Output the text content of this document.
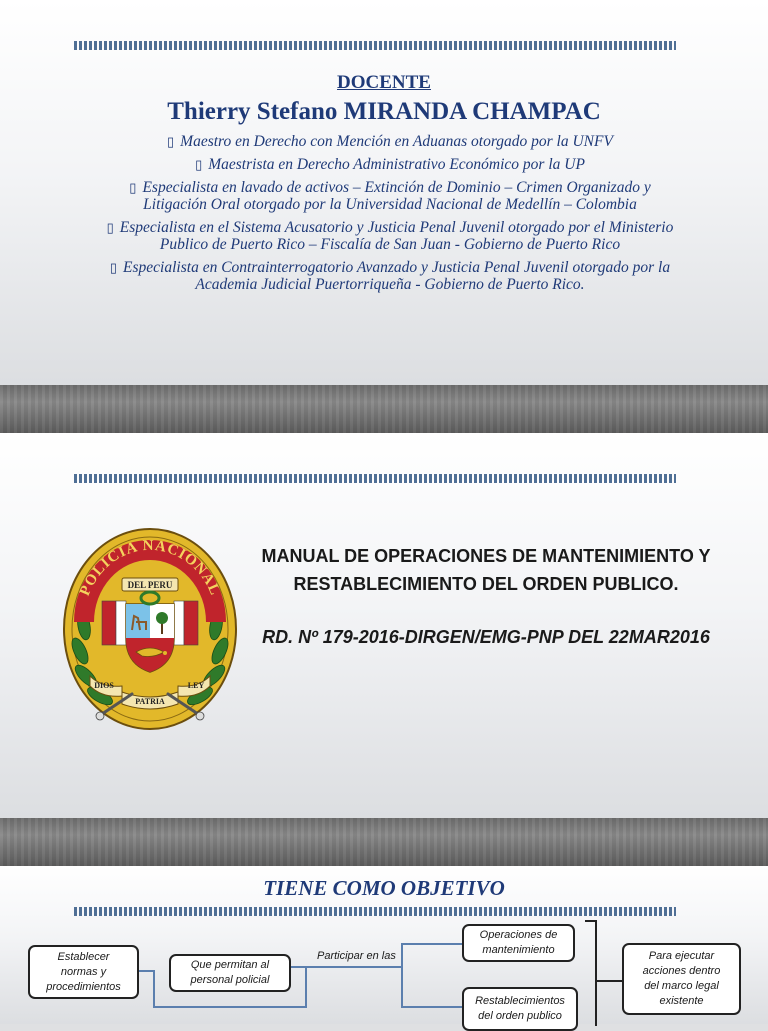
DOCENTE
Thierry Stefano MIRANDA CHAMPAC
▯ Maestro en Derecho con Mención en Aduanas otorgado por la UNFV
▯ Maestrista en Derecho Administrativo Económico por la UP
▯ Especialista en lavado de activos – Extinción de Dominio – Crimen Organizado y
Litigación Oral otorgado por la Universidad Nacional de Medellín – Colombia
▯ Especialista en el Sistema Acusatorio y Justicia Penal Juvenil otorgado por el Ministerio
Publico de Puerto Rico – Fiscalía de San Juan - Gobierno de Puerto Rico
▯ Especialista en Contrainterrogatorio Avanzado y Justicia Penal Juvenil otorgado por la
Academia Judicial Puertorriqueña - Gobierno de Puerto Rico.
POLICIA NACIONAL
DEL PERU
DIOS
PATRIA
LEY
MANUAL DE OPERACIONES DE MANTENIMIENTO Y RESTABLECIMIENTO DEL ORDEN PUBLICO.
RD. Nº 179-2016-DIRGEN/EMG-PNP DEL 22MAR2016
TIENE COMO OBJETIVO
Establecer
normas y
procedimientos
Que permitan al
personal policial
Participar en las
Operaciones de
mantenimiento
Restablecimientos
del orden publico
Para ejecutar
acciones dentro
del marco legal
existente
